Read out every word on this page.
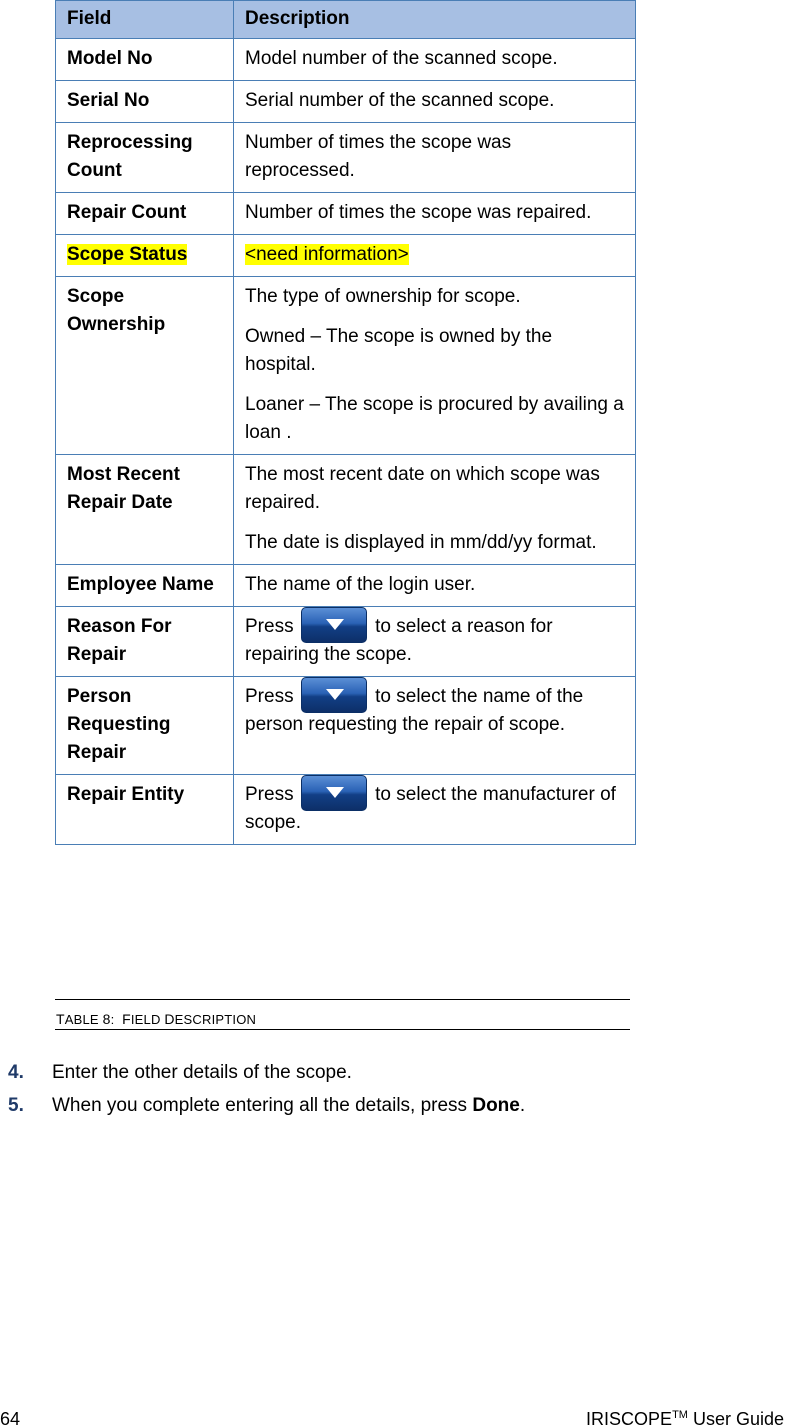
Field	Description
Model No	Model number of the scanned scope.

Serial No	Serial number of the scanned scope.

Reprocessing Count	Number of times the scope was reprocessed.

Repair Count	Number of times the scope was repaired.

Scope Status	<need information>

Scope Ownership	The type of ownership for scope.

Owned – The scope is owned by the hospital.

Loaner – The scope is procured by availing a loan .

Most Recent Repair Date	The most recent date on which scope was repaired.

The date is displayed in mm/dd/yy format.

Employee Name	The name of the login user.

Reason For Repair	Press to select a reason for repairing the scope.

Person Requesting Repair	Press to select the name of the person requesting the repair of scope.

Repair Entity	Press to select the manufacturer of scope.

TABLE 8: FIELD DESCRIPTION
4.	Enter the other details of the scope.
5.	When you complete entering all the details, press Done.
64	IRISCOPE™ User Guide
